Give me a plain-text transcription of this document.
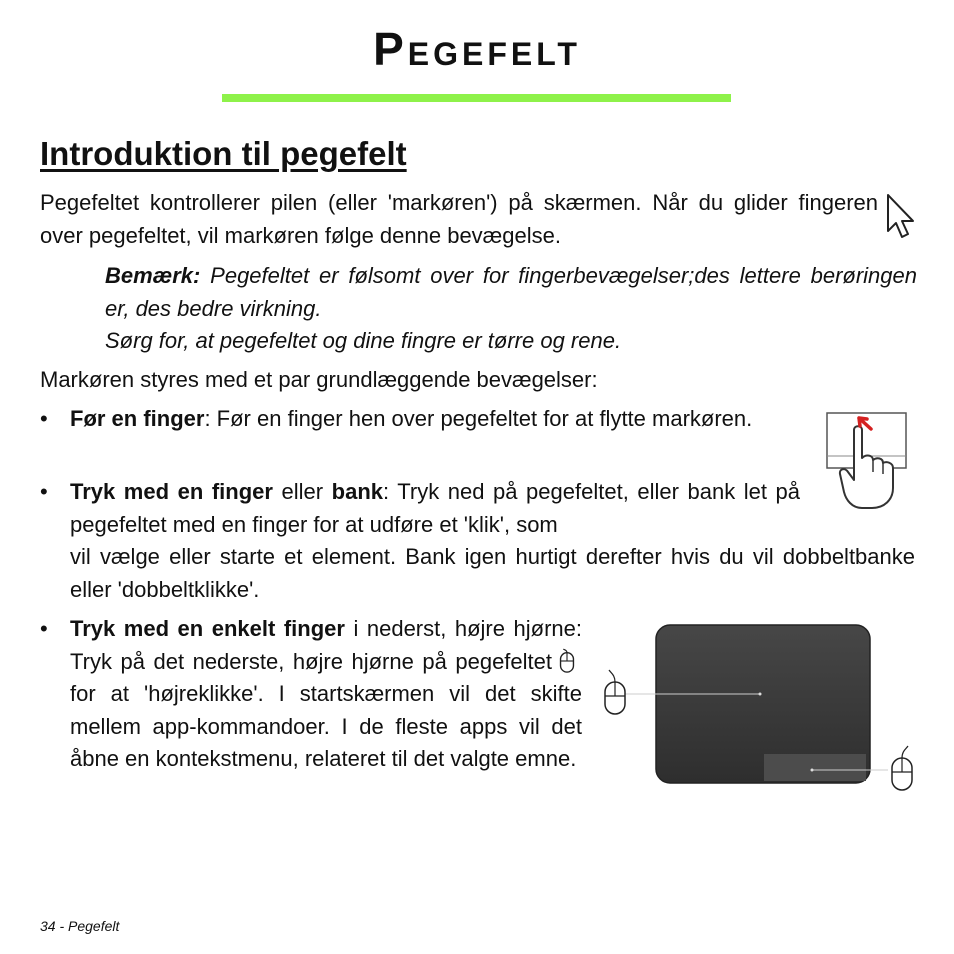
Pegefelt
Introduktion til pegefelt
Pegefeltet kontrollerer pilen (eller 'markøren') på skærmen. Når du glider fingeren over pegefeltet, vil markøren følge denne bevægelse.
Bemærk: Pegefeltet er følsomt over for fingerbevægelser;des lettere berøringen er, des bedre virkning.
Sørg for, at pegefeltet og dine fingre er tørre og rene.
Markøren styres med et par grundlæggende bevægelser:
• Før en finger: Før en finger hen over pegefeltet for at flytte markøren.
• Tryk med en finger eller bank: Tryk ned på pegefeltet, eller bank let på pegefeltet med en finger for at udføre et 'klik', som
vil vælge eller starte et element. Bank igen hurtigt derefter hvis du vil dobbeltbanke eller 'dobbeltklikke'.
• Tryk med en enkelt finger i nederst, højre hjørne: Tryk på det nederste, højre hjørne på pegefeltet for at 'højreklikke'. I startskærmen vil det skifte mellem app-kommandoer. I de fleste apps vil det åbne en kontekstmenu, relateret til det valgte emne.
34 - Pegefelt
